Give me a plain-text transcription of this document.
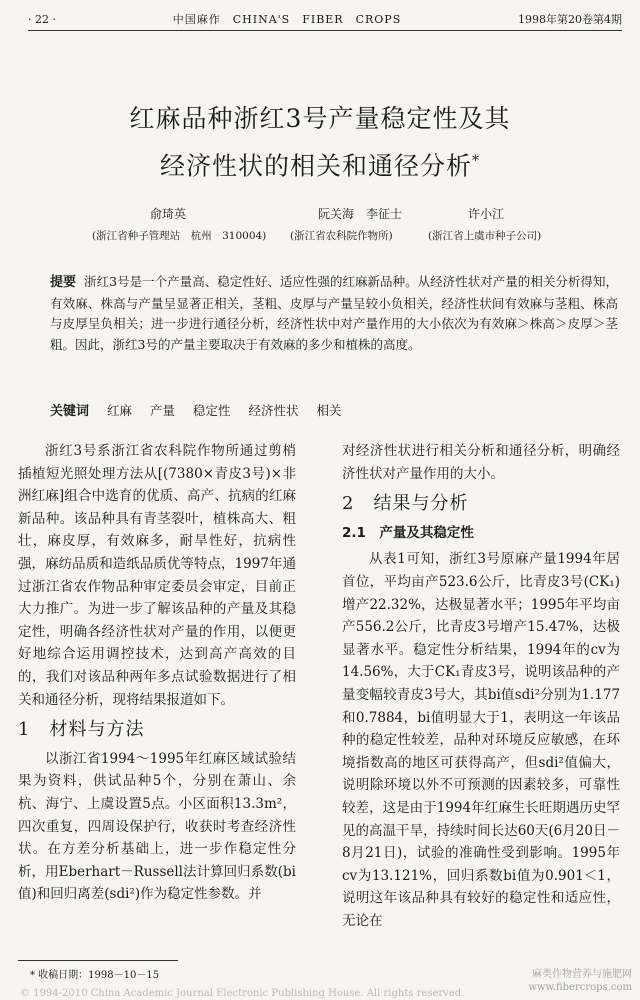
· 22 ·	中国麻作　CHINA'S　FIBER　CROPS	1998年第20卷第4期
红麻品种浙红3号产量稳定性及其
经济性状的相关和通径分析*
俞琦英	阮关海　李征士	许小江
(浙江省种子管理站　杭州　310004) (浙江省农科院作物所)	(浙江省上虞市种子公司)
提要 浙红3号是一个产量高、稳定性好、适应性强的红麻新品种。从经济性状对产量的相关分析得知，有效麻、株高与产量呈显著正相关，茎粗、皮厚与产量呈较小负相关，经济性状间有效麻与茎粗、株高与皮厚呈负相关；进一步进行通径分析，经济性状中对产量作用的大小依次为有效麻＞株高＞皮厚＞茎粗。因此，浙红3号的产量主要取决于有效麻的多少和植株的高度。
关键词 红麻 产量 稳定性 经济性状 相关

浙红3号系浙江省农科院作物所通过剪梢插植短光照处理方法从[(7380×青皮3号)×非洲红麻]组合中选育的优质、高产、抗病的红麻新品种。该品种具有青茎裂叶，植株高大、粗壮，麻皮厚，有效麻多，耐旱性好，抗病性强，麻纺品质和造纸品质优等特点，1997年通过浙江省农作物品种审定委员会审定，目前正大力推广。为进一步了解该品种的产量及其稳定性，明确各经济性状对产量的作用，以便更好地综合运用调控技术，达到高产高效的目的，我们对该品种两年多点试验数据进行了相关和通径分析，现将结果报道如下。

1　材料与方法

以浙江省1994～1995年红麻区域试验结果为资料，供试品种5个，分别在萧山、余杭、海宁、上虞设置5点。小区面积13.3m²，四次重复，四周设保护行，收获时考查经济性状。在方差分析基础上，进一步作稳定性分析，用Eberhart－Russell法计算回归系数(bi值)和回归离差(sdi²)作为稳定性参数。并

对经济性状进行相关分析和通径分析，明确经济性状对产量作用的大小。

2　结果与分析
2.1　产量及其稳定性

从表1可知，浙红3号原麻产量1994年居首位，平均亩产523.6公斤，比青皮3号(CK₁)增产22.32%，达极显著水平；1995年平均亩产556.2公斤，比青皮3号增产15.47%，达极显著水平。稳定性分析结果，1994年的cv为14.56%，大于CK₁青皮3号，说明该品种的产量变幅较青皮3号大，其bi值sdi²分别为1.177和0.7884，bi值明显大于1，表明这一年该品种的稳定性较差，品种对环境反应敏感，在环境指数高的地区可获得高产，但sdi²值偏大，说明除环境以外不可预测的因素较多，可靠性较差，这是由于1994年红麻生长旺期遇历史罕见的高温干旱，持续时间长达60天(6月20日－8月21日)，试验的准确性受到影响。1995年cv为13.121%，回归系数bi值为0.901＜1，说明这年该品种具有较好的稳定性和适应性，无论在

* 收稿日期：1998－10－15	麻类作物营养与施肥网
www.fibercrops.com
© 1994-2010 China Academic Journal Electronic Publishing House. All rights reserved.
